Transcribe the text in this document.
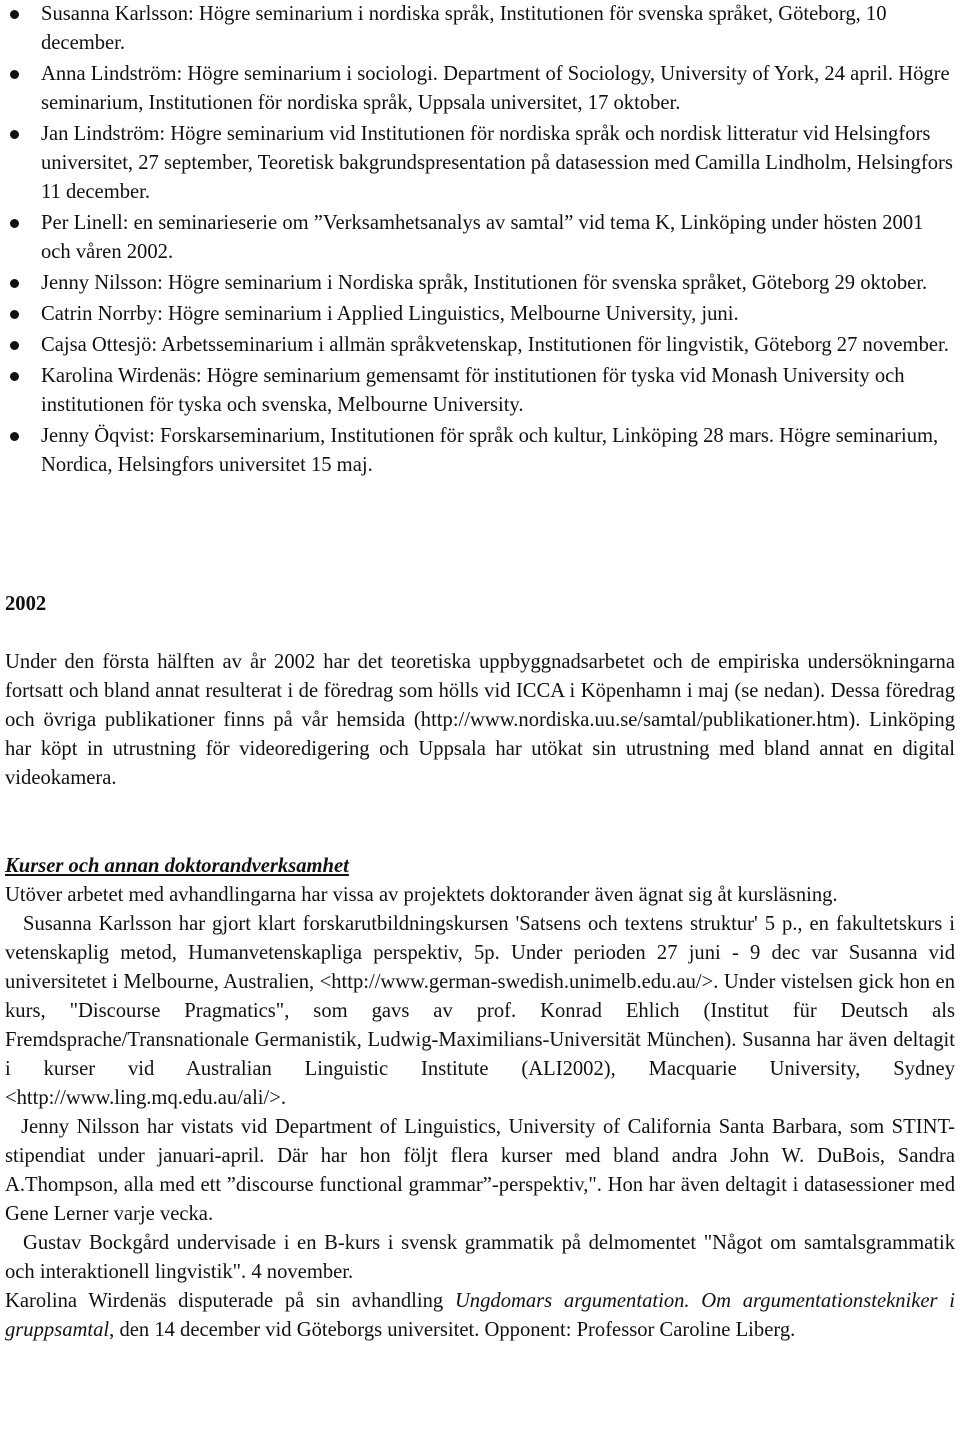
Susanna Karlsson: Högre seminarium i nordiska språk, Institutionen för svenska språket, Göteborg, 10 december.
Anna Lindström: Högre seminarium i sociologi. Department of Sociology, University of York, 24 april. Högre seminarium, Institutionen för nordiska språk, Uppsala universitet, 17 oktober.
Jan Lindström: Högre seminarium vid Institutionen för nordiska språk och nordisk litteratur vid Helsingfors universitet, 27 september, Teoretisk bakgrundspresentation på datasession med Camilla Lindholm, Helsingfors 11 december.
Per Linell: en seminarieserie om ”Verksamhetsanalys av samtal” vid tema K, Linköping under hösten 2001 och våren 2002.
Jenny Nilsson: Högre seminarium i Nordiska språk, Institutionen för svenska språket, Göteborg 29 oktober.
Catrin Norrby: Högre seminarium i Applied Linguistics, Melbourne University, juni.
Cajsa Ottesjö: Arbetsseminarium i allmän språkvetenskap, Institutionen för lingvistik, Göteborg 27 november.
Karolina Wirdenäs: Högre seminarium gemensamt för institutionen för tyska vid Monash University och institutionen för tyska och svenska, Melbourne University.
Jenny Öqvist: Forskarseminarium, Institutionen för språk och kultur, Linköping 28 mars. Högre seminarium, Nordica, Helsingfors universitet 15 maj.

2002

Under den första hälften av år 2002 har det teoretiska uppbyggnadsarbetet och de empiriska undersökningarna fortsatt och bland annat resulterat i de föredrag som hölls vid ICCA i Köpenhamn i maj (se nedan). Dessa föredrag och övriga publikationer finns på vår hemsida (http://www.nordiska.uu.se/samtal/publikationer.htm). Linköping har köpt in utrustning för videoredigering och Uppsala har utökat sin utrustning med bland annat en digital videokamera.

Kurser och annan doktorandverksamhet

Utöver arbetet med avhandlingarna har vissa av projektets doktorander även ägnat sig åt kursläsning.

Susanna Karlsson har gjort klart forskarutbildningskursen 'Satsens och textens struktur' 5 p., en fakultetskurs i vetenskaplig metod, Humanvetenskapliga perspektiv, 5p. Under perioden 27 juni - 9 dec var Susanna vid universitetet i Melbourne, Australien, <http://www.german-swedish.unimelb.edu.au/>. Under vistelsen gick hon en kurs, "Discourse Pragmatics", som gavs av prof. Konrad Ehlich (Institut für Deutsch als Fremdsprache/Transnationale Germanistik, Ludwig-Maximilians-Universität München). Susanna har även deltagit i kurser vid Australian Linguistic Institute (ALI2002), Macquarie University, Sydney <http://www.ling.mq.edu.au/ali/>.

Jenny Nilsson har vistats vid Department of Linguistics, University of California Santa Barbara, som STINT-stipendiat under januari-april. Där har hon följt flera kurser med bland andra John W. DuBois, Sandra A.Thompson, alla med ett ”discourse functional grammar”-perspektiv,". Hon har även deltagit i datasessioner med Gene Lerner varje vecka.

Gustav Bockgård undervisade i en B-kurs i svensk grammatik på delmomentet "Något om samtalsgrammatik och interaktionell lingvistik". 4 november.

Karolina Wirdenäs disputerade på sin avhandling Ungdomars argumentation. Om argumentationstekniker i gruppsamtal, den 14 december vid Göteborgs universitet. Opponent: Professor Caroline Liberg.
